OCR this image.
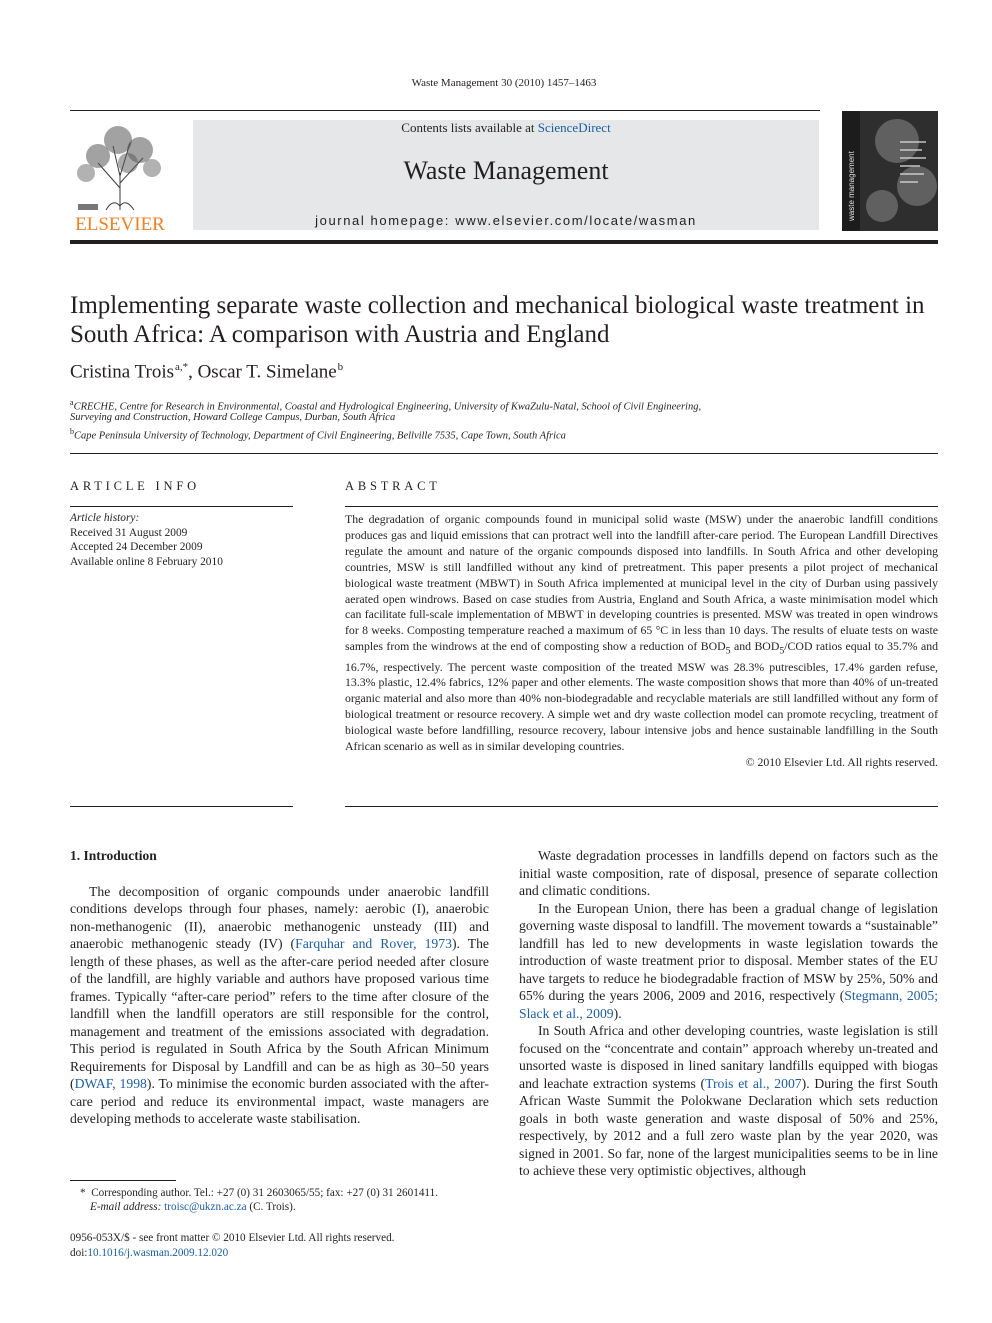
Waste Management 30 (2010) 1457–1463
ELSEVIER
Contents lists available at ScienceDirect
Waste Management
journal homepage: www.elsevier.com/locate/wasman	waste management
Implementing separate waste collection and mechanical biological waste treatment in South Africa: A comparison with Austria and England
Cristina Trois $^{a,*}$, Oscar T. Simelane $^b$
$^a$CRECHE, Centre for Research in Environmental, Coastal and Hydrological Engineering, University of KwaZulu-Natal, School of Civil Engineering,
Surveying and Construction, Howard College Campus, Durban, South Africa
$^b$Cape Peninsula University of Technology, Department of Civil Engineering, Bellville 7535, Cape Town, South Africa
ARTICLE INFO
Article history:
Received 31 August 2009
Accepted 24 December 2009
Available online 8 February 2010
ABSTRACT
The degradation of organic compounds found in municipal solid waste (MSW) under the anaerobic landfill conditions produces gas and liquid emissions that can protract well into the landfill after-care period. The European Landfill Directives regulate the amount and nature of the organic compounds disposed into landfills. In South Africa and other developing countries, MSW is still landfilled without any kind of pretreatment. This paper presents a pilot project of mechanical biological waste treatment (MBWT) in South Africa implemented at municipal level in the city of Durban using passively aerated open windrows. Based on case studies from Austria, England and South Africa, a waste minimisation model which can facilitate full-scale implementation of MBWT in developing countries is presented. MSW was treated in open windrows for 8 weeks. Composting temperature reached a maximum of 65 °C in less than 10 days. The results of eluate tests on waste samples from the windrows at the end of composting show a reduction of $BOD_5$ and $BOD_5$/COD ratios equal to 35.7% and 16.7%, respectively. The percent waste composition of the treated MSW was 28.3% putrescibles, 17.4% garden refuse, 13.3% plastic, 12.4% fabrics, 12% paper and other elements. The waste composition shows that more than 40% of un-treated organic material and also more than 40% non-biodegradable and recyclable materials are still landfilled without any form of biological treatment or resource recovery. A simple wet and dry waste collection model can promote recycling, treatment of biological waste before landfilling, resource recovery, labour intensive jobs and hence sustainable landfilling in the South African scenario as well as in similar developing countries.
© 2010 Elsevier Ltd. All rights reserved.

1. Introduction

The decomposition of organic compounds under anaerobic landfill conditions develops through four phases, namely: aerobic (I), anaerobic non-methanogenic (II), anaerobic methanogenic unsteady (III) and anaerobic methanogenic steady (IV) (Farquhar and Rover, 1973). The length of these phases, as well as the after-care period needed after closure of the landfill, are highly variable and authors have proposed various time frames. Typically “after-care period” refers to the time after closure of the landfill when the landfill operators are still responsible for the control, management and treatment of the emissions associated with degradation. This period is regulated in South Africa by the South African Minimum Requirements for Disposal by Landfill and can be as high as 30–50 years (DWAF, 1998). To minimise the economic burden associated with the after-care period and reduce its environmental impact, waste managers are developing methods to accelerate waste stabilisation.

Waste degradation processes in landfills depend on factors such as the initial waste composition, rate of disposal, presence of separate collection and climatic conditions.

In the European Union, there has been a gradual change of legislation governing waste disposal to landfill. The movement towards a “sustainable” landfill has led to new developments in waste legislation towards the introduction of waste treatment prior to disposal. Member states of the EU have targets to reduce he biodegradable fraction of MSW by 25%, 50% and 65% during the years 2006, 2009 and 2016, respectively (Stegmann, 2005; Slack et al., 2009).

In South Africa and other developing countries, waste legislation is still focused on the “concentrate and contain” approach whereby un-treated and unsorted waste is disposed in lined sanitary landfills equipped with biogas and leachate extraction systems (Trois et al., 2007). During the first South African Waste Summit the Polokwane Declaration which sets reduction goals in both waste generation and waste disposal of 50% and 25%, respectively, by 2012 and a full zero waste plan by the year 2020, was signed in 2001. So far, none of the largest municipalities seems to be in line to achieve these very optimistic objectives, although

*  Corresponding author. Tel.: +27 (0) 31 2603065/55; fax: +27 (0) 31 2601411.
E-mail address: troisc@ukzn.ac.za (C. Trois).
0956-053X/$ - see front matter © 2010 Elsevier Ltd. All rights reserved.
doi:10.1016/j.wasman.2009.12.020
